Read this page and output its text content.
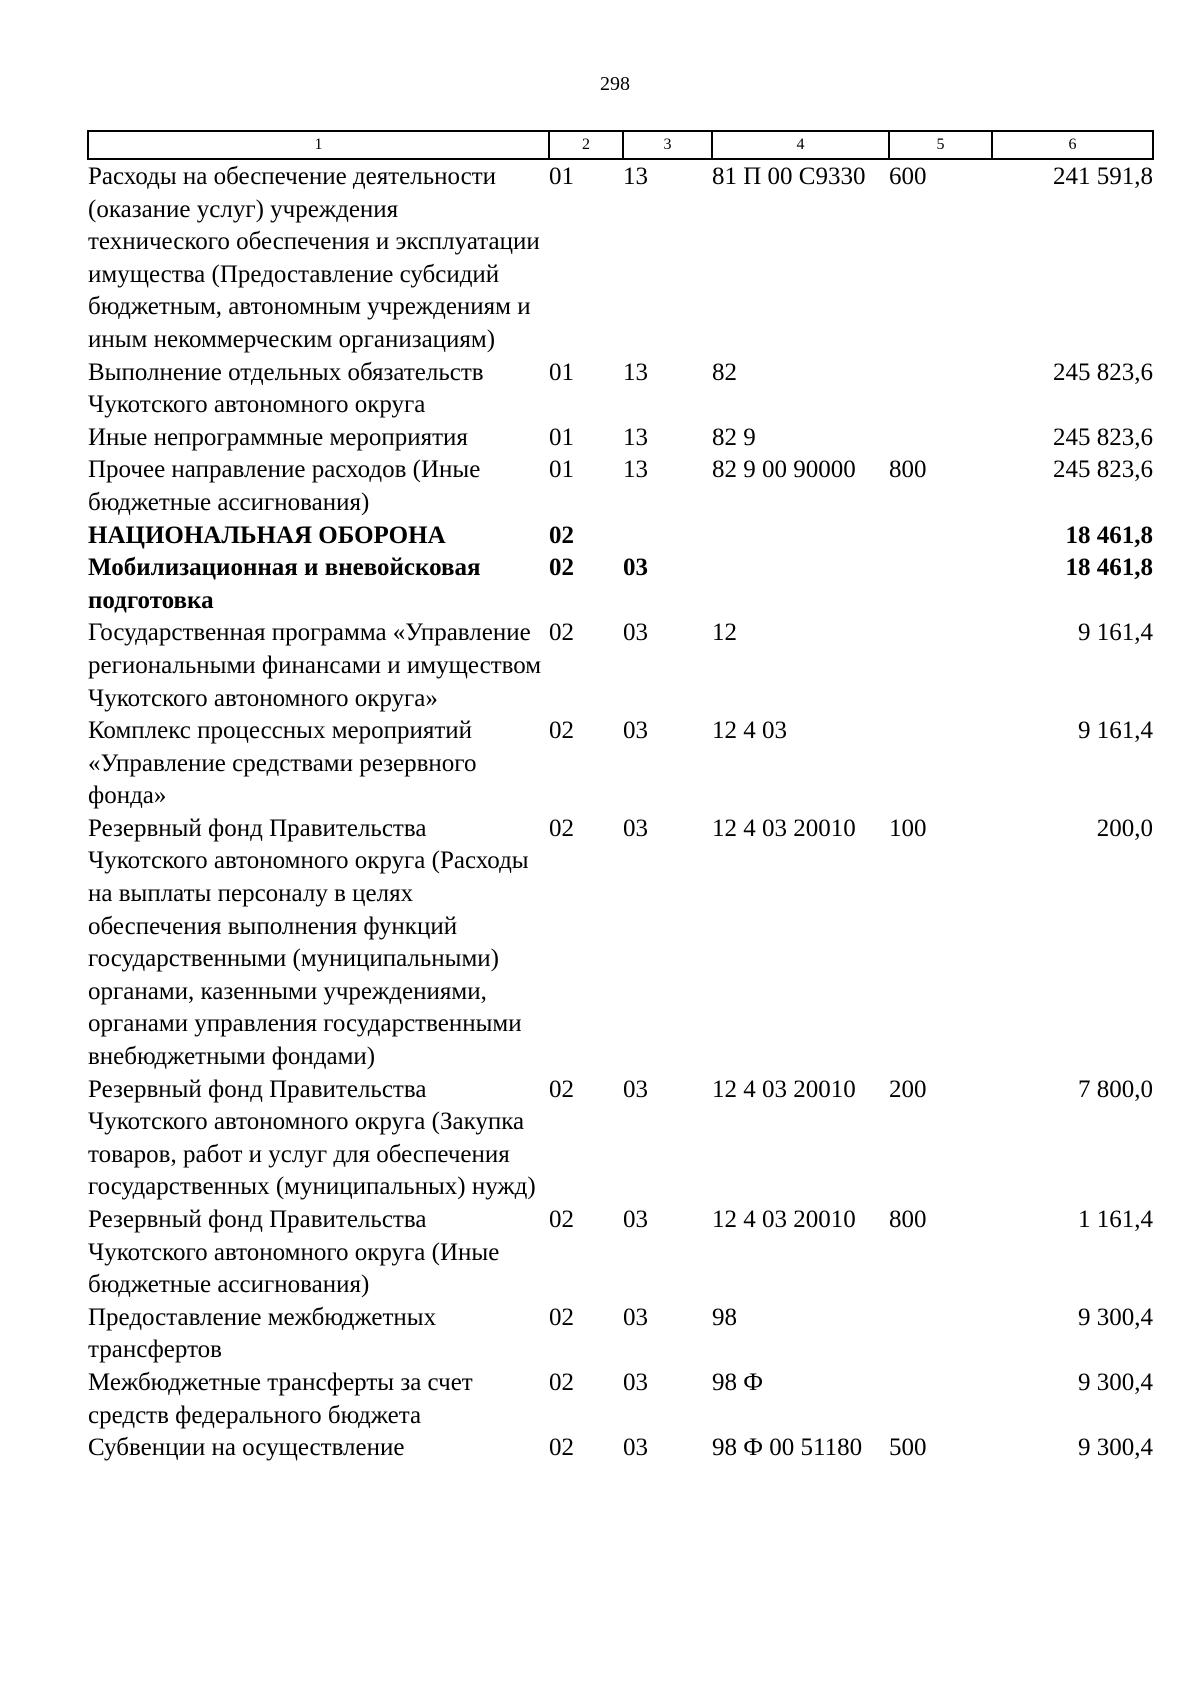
298
1	2	3	4	5	6
Расходы на обеспечение деятельности (оказание услуг) учреждения технического обеспечения и эксплуатации имущества (Предоставление субсидий бюджетным, автономным учреждениям и иным некоммерческим организациям)	01	13	81 П 00 С9330	600	241 591,8
Выполнение отдельных обязательств Чукотского автономного округа	01	13	82		245 823,6
Иные непрограммные мероприятия	01	13	82 9		245 823,6
Прочее направление расходов (Иные бюджетные ассигнования)	01	13	82 9 00 90000	800	245 823,6
НАЦИОНАЛЬНАЯ ОБОРОНА	02				18 461,8
Мобилизационная и вневойсковая подготовка	02	03			18 461,8
Государственная программа «Управление региональными финансами и имуществом Чукотского автономного округа»	02	03	12		9 161,4
Комплекс процессных мероприятий «Управление средствами резервного фонда»	02	03	12 4 03		9 161,4
Резервный фонд Правительства Чукотского автономного округа (Расходы на выплаты персоналу в целях обеспечения выполнения функций государственными (муниципальными) органами, казенными учреждениями, органами управления государственными внебюджетными фондами)	02	03	12 4 03 20010	100	200,0
Резервный фонд Правительства Чукотского автономного округа (Закупка товаров, работ и услуг для обеспечения государственных (муниципальных) нужд)	02	03	12 4 03 20010	200	7 800,0
Резервный фонд Правительства Чукотского автономного округа (Иные бюджетные ассигнования)	02	03	12 4 03 20010	800	1 161,4
Предоставление межбюджетных трансфертов	02	03	98		9 300,4
Межбюджетные трансферты за счет средств федерального бюджета	02	03	98 Ф		9 300,4
Субвенции на осуществление	02	03	98 Ф 00 51180	500	9 300,4
